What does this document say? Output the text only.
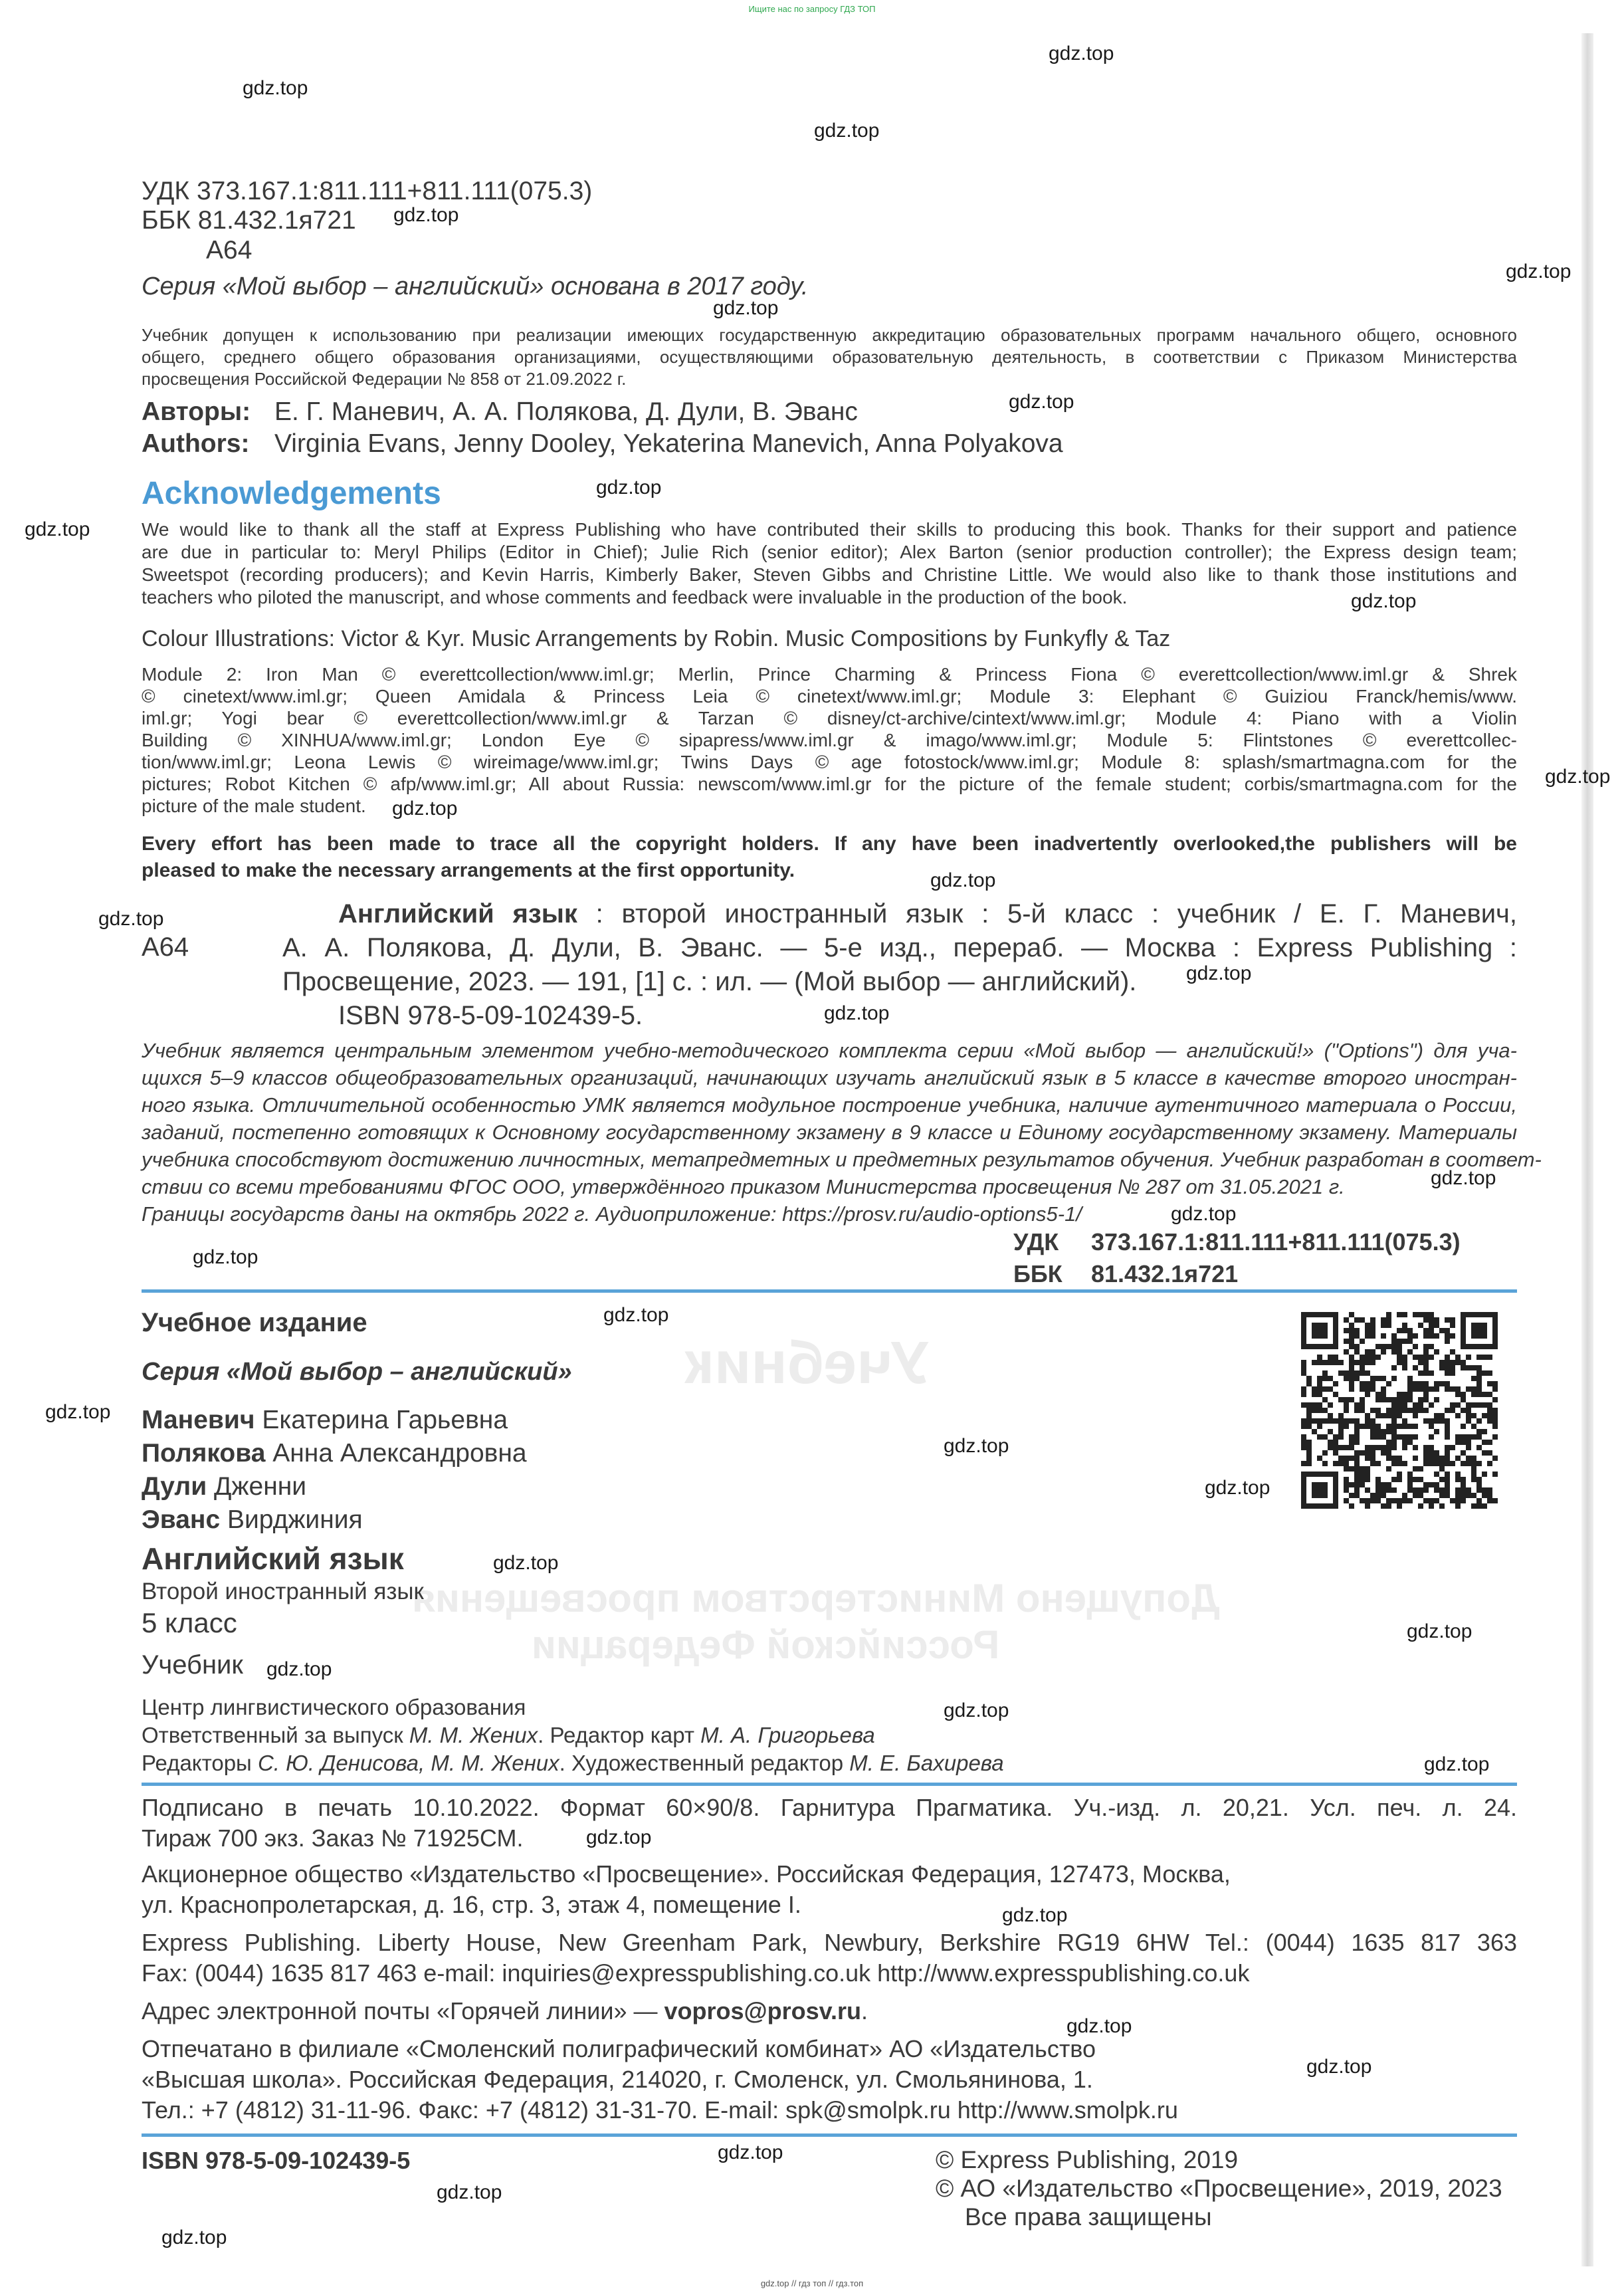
Ищите нас по запросу ГДЗ ТОП
gdz.top // гдз топ // гдз.топ
Учебник
Допущено Министерством просвещения
Российской Федерации
УДК 373.167.1:811.111+811.111(075.3)
ББК 81.432.1я721
А64
Серия «Мой выбор – английский» основана в 2017 году.
Учебник допущен к использованию при реализации имеющих государственную аккредитацию образовательных программ начального общего, основного
общего, среднего общего образования организациями, осуществляющими образовательную деятельность, в соответствии с Приказом Министерства
просвещения Российской Федерации № 858 от 21.09.2022 г.
Авторы: Е. Г. Маневич, А. А. Полякова, Д. Дули, В. Эванс
Authors: Virginia Evans, Jenny Dooley, Yekaterina Manevich, Anna Polyakova
Acknowledgements
We would like to thank all the staff at Express Publishing who have contributed their skills to producing this book. Thanks for their support and patience
are due in particular to: Meryl Philips (Editor in Chief); Julie Rich (senior editor); Alex Barton (senior production controller); the Express design team;
Sweetspot (recording producers); and Kevin Harris, Kimberly Baker, Steven Gibbs and Christine Little. We would also like to thank those institutions and
teachers who piloted the manuscript, and whose comments and feedback were invaluable in the production of the book.
Colour Illustrations: Victor & Kyr. Music Arrangements by Robin. Music Compositions by Funkyfly & Taz
Module 2: Iron Man © everettcollection/www.iml.gr; Merlin, Prince Charming & Princess Fiona © everettcollection/www.iml.gr & Shrek
© cinetext/www.iml.gr; Queen Amidala & Princess Leia © cinetext/www.iml.gr; Module 3: Elephant © Guiziou Franck/hemis/www.
iml.gr; Yogi bear © everettcollection/www.iml.gr & Tarzan © disney/ct-archive/cintext/www.iml.gr; Module 4: Piano with a Violin
Building © XINHUA/www.iml.gr; London Eye © sipapress/www.iml.gr & imago/www.iml.gr; Module 5: Flintstones © everettcollec-
tion/www.iml.gr; Leona Lewis © wireimage/www.iml.gr; Twins Days © age fotostock/www.iml.gr; Module 8: splash/smartmagna.com for the
pictures; Robot Kitchen © afp/www.iml.gr; All about Russia: newscom/www.iml.gr for the picture of the female student; corbis/smartmagna.com for the
picture of the male student.
Every effort has been made to trace all the copyright holders. If any have been inadvertently overlooked,the publishers will be
pleased to make the necessary arrangements at the first opportunity.
А64
Английский язык : второй иностранный язык : 5-й класс : учебник / Е. Г. Маневич,
А. А. Полякова, Д. Дули, В. Эванс. — 5-е изд., перераб. — Москва : Express Publishing :
Просвещение, 2023. — 191, [1] с. : ил. — (Мой выбор — английский).
ISBN 978-5-09-102439-5.
Учебник является центральным элементом учебно-методического комплекта серии «Мой выбор — английский!» ("Options") для уча-
щихся 5–9 классов общеобразовательных организаций, начинающих изучать английский язык в 5 классе в качестве второго иностран-
ного языка. Отличительной особенностью УМК является модульное построение учебника, наличие аутентичного материала о России,
заданий, постепенно готовящих к Основному государственному экзамену в 9 классе и Единому государственному экзамену. Материалы
учебника способствуют достижению личностных, метапредметных и предметных результатов обучения. Учебник разработан в соответ-
ствии со всеми требованиями ФГОС ООО, утверждённого приказом Министерства просвещения № 287 от 31.05.2021 г.
Границы государств даны на октябрь 2022 г. Аудиоприложение: https://prosv.ru/audio-options5-1/
УДК 373.167.1:811.111+811.111(075.3)
ББК 81.432.1я721
Учебное издание
Серия «Мой выбор – английский»
Маневич Екатерина Гарьевна
Полякова Анна Александровна
Дули Дженни
Эванс Вирджиния
Английский язык
Второй иностранный язык
5 класс
Учебник
Центр лингвистического образования
Ответственный за выпуск М. М. Жених. Редактор карт М. А. Григорьева
Редакторы С. Ю. Денисова, М. М. Жених. Художественный редактор М. Е. Бахирева
Подписано в печать 10.10.2022. Формат 60×90/8. Гарнитура Прагматика. Уч.-изд. л. 20,21. Усл. печ. л. 24.
Тираж 700 экз. Заказ № 71925СМ.
Акционерное общество «Издательство «Просвещение». Российская Федерация, 127473, Москва,
ул. Краснопролетарская, д. 16, стр. 3, этаж 4, помещение I.
Express Publishing. Liberty House, New Greenham Park, Newbury, Berkshire RG19 6HW Tel.: (0044) 1635 817 363
Fax: (0044) 1635 817 463 e-mail: inquiries@expresspublishing.co.uk http://www.expresspublishing.co.uk
Адрес электронной почты «Горячей линии» — vopros@prosv.ru.
Отпечатано в филиале «Смоленский полиграфический комбинат» АО «Издательство
«Высшая школа». Российская Федерация, 214020, г. Смоленск, ул. Смольянинова, 1.
Тел.: +7 (4812) 31-11-96. Факс: +7 (4812) 31-31-70. E-mail: spk@smolpk.ru http://www.smolpk.ru
ISBN 978-5-09-102439-5	© Express Publishing, 2019
© АО «Издательство «Просвещение», 2019, 2023
Все права защищены
gdz.top
gdz.top
gdz.top
gdz.top
gdz.top
gdz.top
gdz.top
gdz.top
gdz.top
gdz.top
gdz.top
gdz.top
gdz.top
gdz.top
gdz.top
gdz.top
gdz.top
gdz.top
gdz.top
gdz.top
gdz.top
gdz.top
gdz.top
gdz.top
gdz.top
gdz.top
gdz.top
gdz.top
gdz.top
gdz.top
gdz.top
gdz.top
gdz.top
gdz.top
gdz.top
